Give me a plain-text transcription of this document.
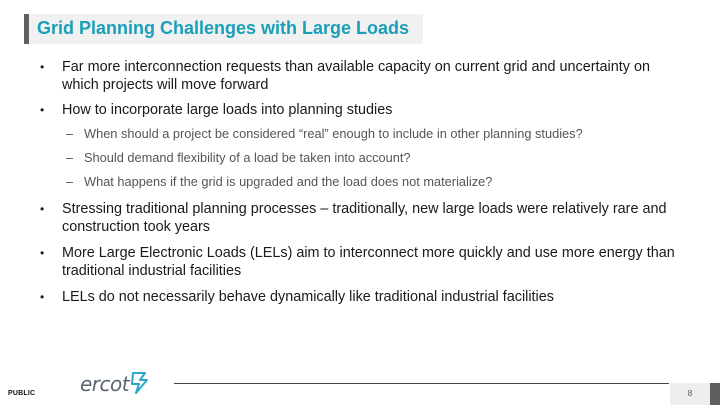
Grid Planning Challenges with Large Loads
•	Far more interconnection requests than available capacity on current grid and uncertainty on which projects will move forward
•	How to incorporate large loads into planning studies
– When should a project be considered “real” enough to include in other planning studies?
– Should demand flexibility of a load be taken into account?
– What happens if the grid is upgraded and the load does not materialize?
•	Stressing traditional planning processes – traditionally, new large loads were relatively rare and construction took years
•	More Large Electronic Loads (LELs) aim to interconnect more quickly and use more energy than traditional industrial facilities
•	LELs do not necessarily behave dynamically like traditional industrial facilities
PUBLIC ercot	8
